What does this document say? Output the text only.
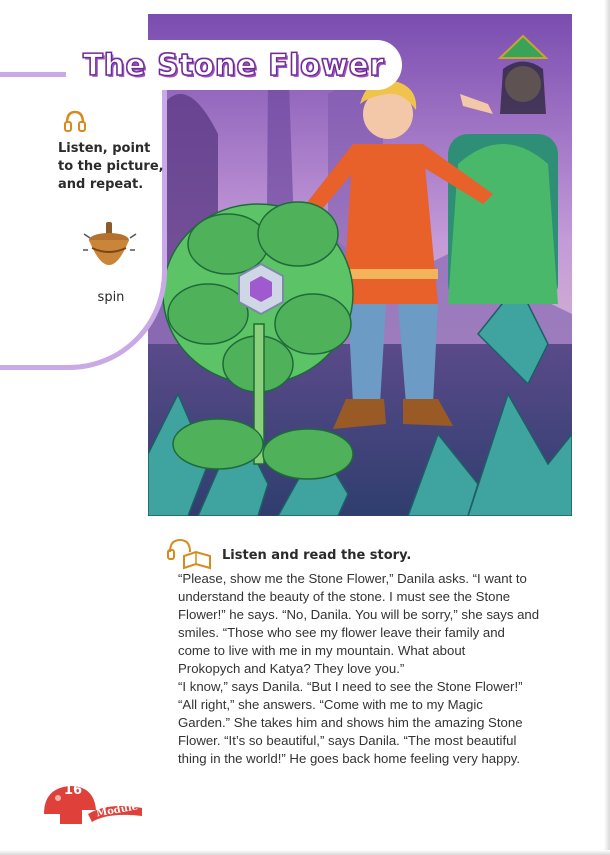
The Stone Flower
Listen, point to the picture, and repeat.
spin
Listen and read the story.

“Please, show me the Stone Flower,” Danila asks. “I want to

understand the beauty of the stone. I must see the Stone

Flower!” he says. “No, Danila. You will be sorry,” she says and

smiles. “Those who see my flower leave their family and

come to live with me in my mountain. What about

Prokopych and Katya? They love you.”

“I know,” says Danila. “But I need to see the Stone Flower!”

“All right,” she answers. “Come with me to my Magic

Garden.” She takes him and shows him the amazing Stone

Flower. “It’s so beautiful,” says Danila. “The most beautiful

thing in the world!” He goes back home feeling very happy.

16
Module 5
